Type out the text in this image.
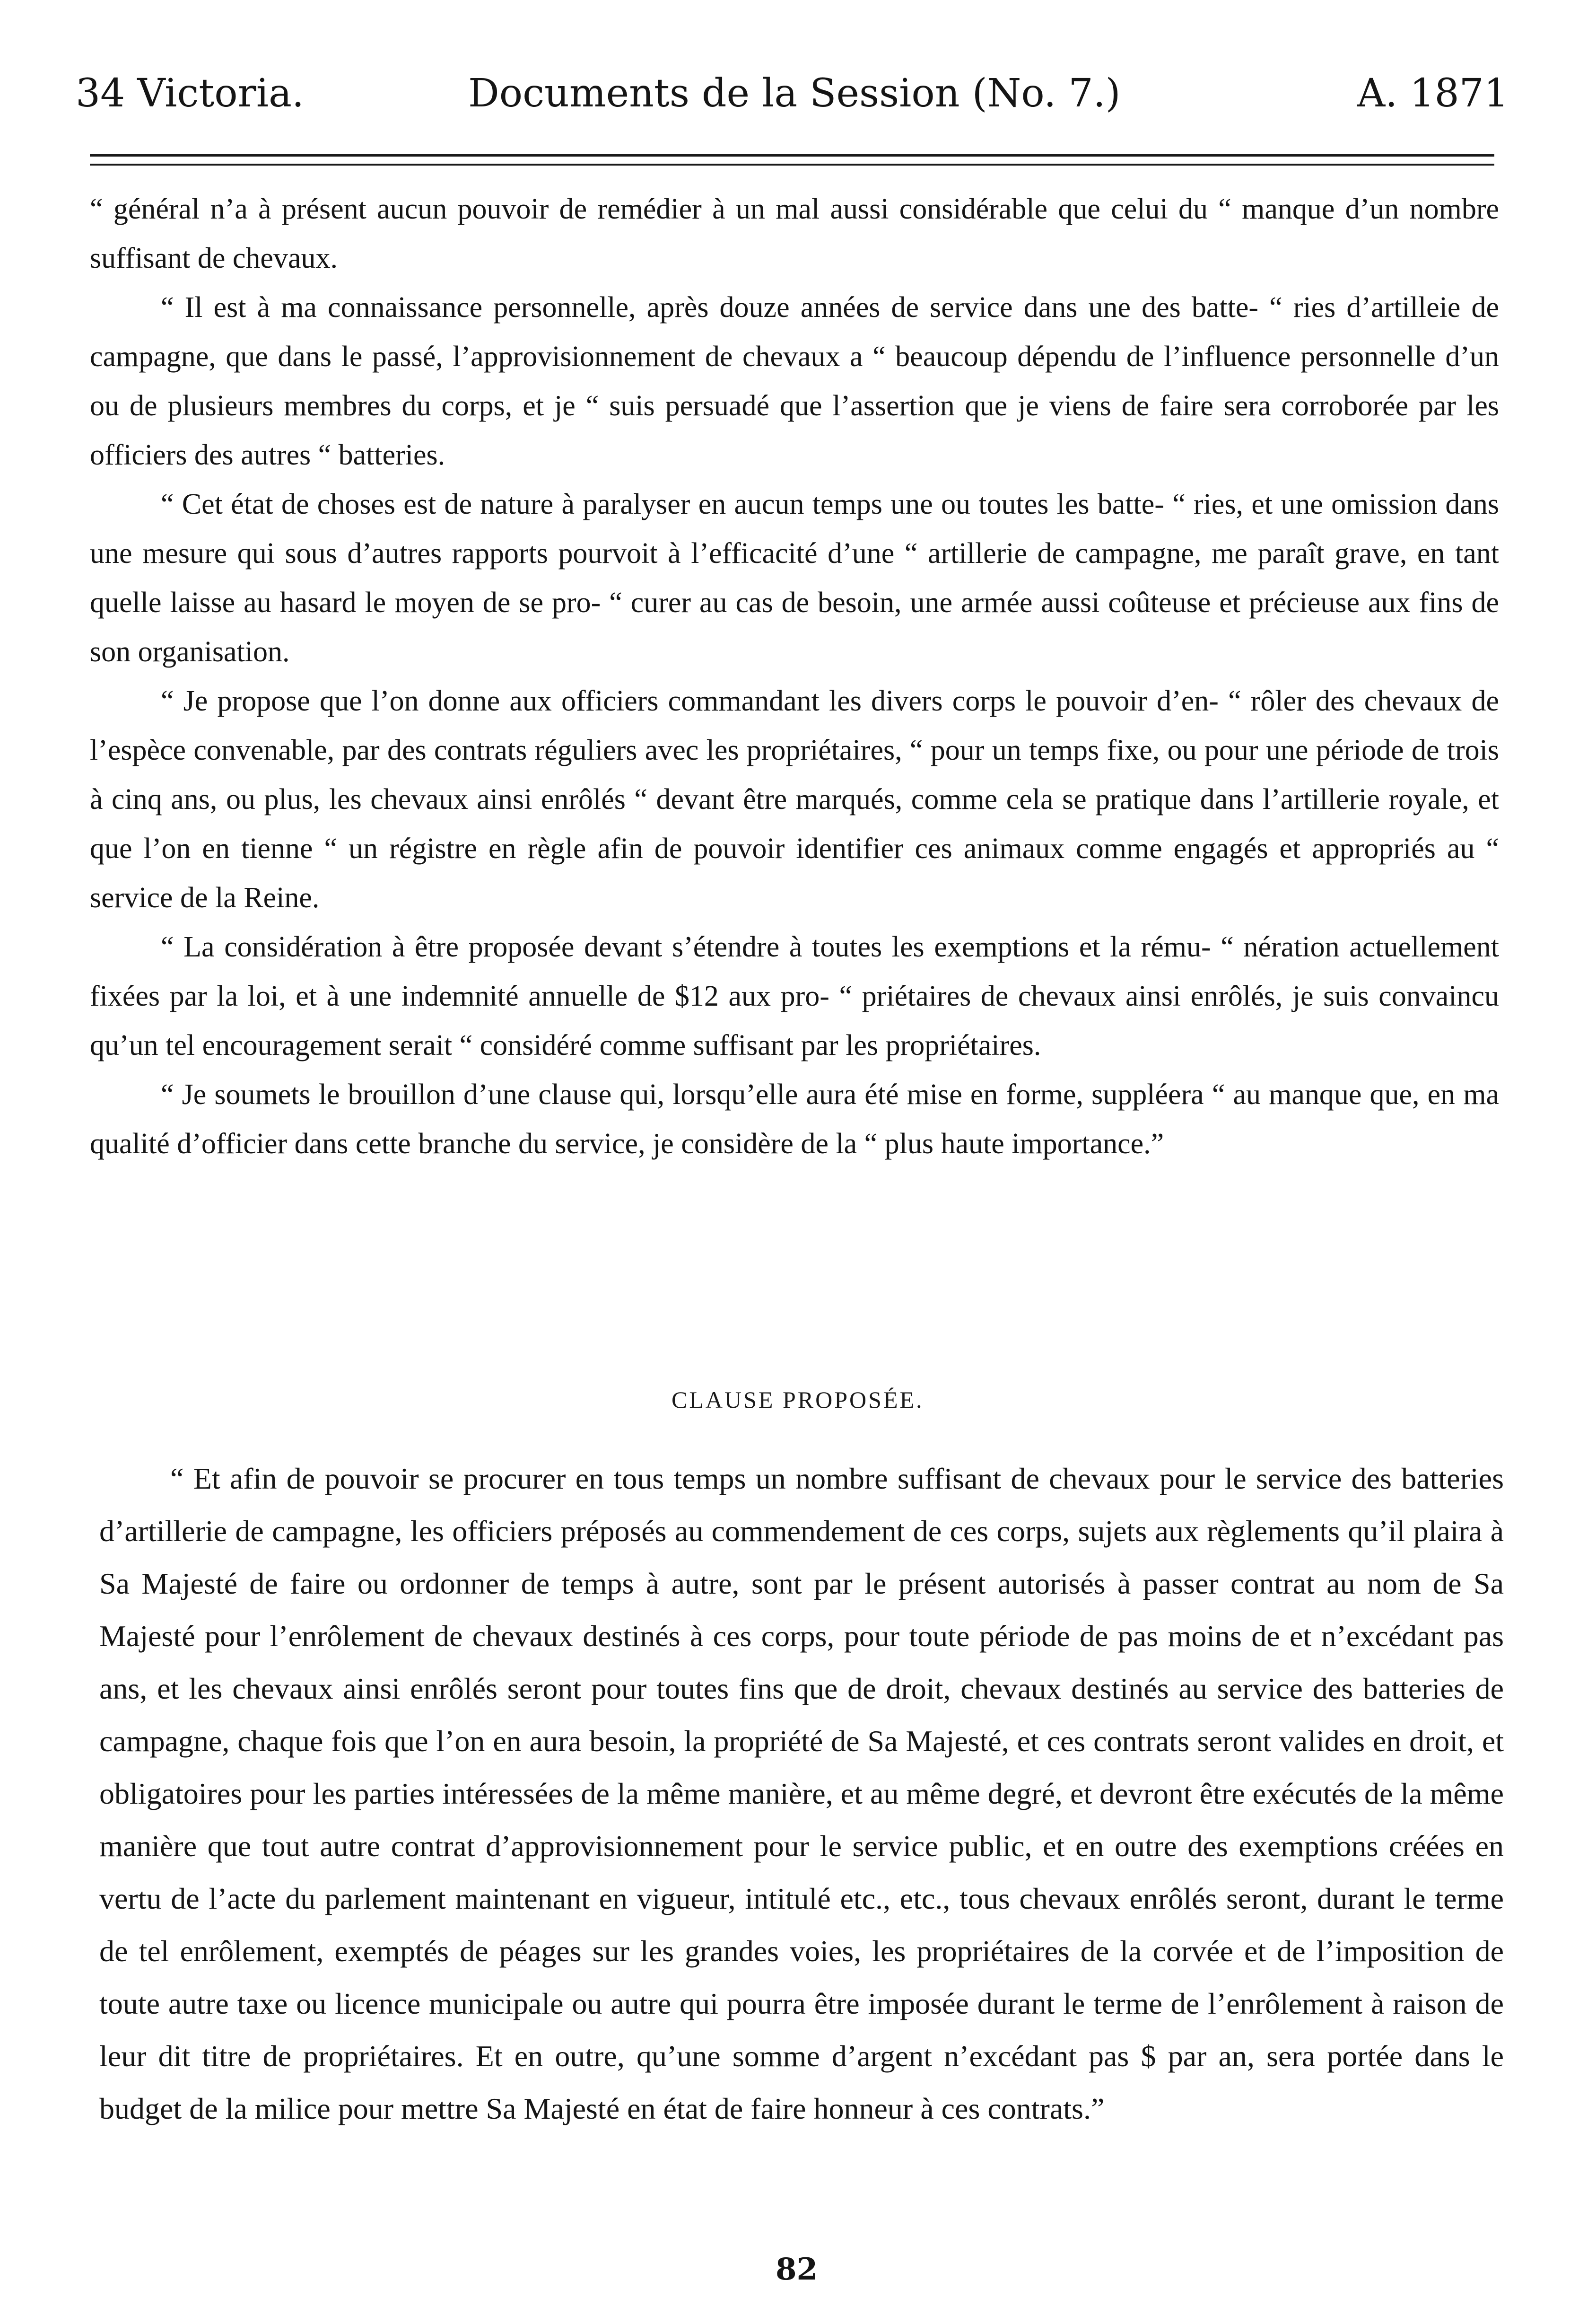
34 Victoria.	Documents de la Session (No. 7.)	A. 1871

“ général n’a à présent aucun pouvoir de remédier à un mal aussi considérable que celui du “ manque d’un nombre suffisant de chevaux.

“ Il est à ma connaissance personnelle, après douze années de service dans une des batte- “ ries d’artilleie de campagne, que dans le passé, l’approvisionnement de chevaux a “ beaucoup dépendu de l’influence personnelle d’un ou de plusieurs membres du corps, et je “ suis persuadé que l’assertion que je viens de faire sera corroborée par les officiers des autres “ batteries.

“ Cet état de choses est de nature à paralyser en aucun temps une ou toutes les batte- “ ries, et une omission dans une mesure qui sous d’autres rapports pourvoit à l’efficacité d’une “ artillerie de campagne, me paraît grave, en tant quelle laisse au hasard le moyen de se pro- “ curer au cas de besoin, une armée aussi coûteuse et précieuse aux fins de son organisation.

“ Je propose que l’on donne aux officiers commandant les divers corps le pouvoir d’en- “ rôler des chevaux de l’espèce convenable, par des contrats réguliers avec les propriétaires, “ pour un temps fixe, ou pour une période de trois à cinq ans, ou plus, les chevaux ainsi enrôlés “ devant être marqués, comme cela se pratique dans l’artillerie royale, et que l’on en tienne “ un régistre en règle afin de pouvoir identifier ces animaux comme engagés et appropriés au “ service de la Reine.

“ La considération à être proposée devant s’étendre à toutes les exemptions et la rému- “ nération actuellement fixées par la loi, et à une indemnité annuelle de $12 aux pro- “ priétaires de chevaux ainsi enrôlés, je suis convaincu qu’un tel encouragement serait “ considéré comme suffisant par les propriétaires.

“ Je soumets le brouillon d’une clause qui, lorsqu’elle aura été mise en forme, suppléera “ au manque que, en ma qualité d’officier dans cette branche du service, je considère de la “ plus haute importance.”

CLAUSE PROPOSÉE.

“ Et afin de pouvoir se procurer en tous temps un nombre suffisant de chevaux pour le service des batteries d’artillerie de campagne, les officiers préposés au commendement de ces corps, sujets aux règlements qu’il plaira à Sa Majesté de faire ou ordonner de temps à autre, sont par le présent autorisés à passer contrat au nom de Sa Majesté pour l’enrôlement de chevaux destinés à ces corps, pour toute période de pas moins de et n’excédant pas ans, et les chevaux ainsi enrôlés seront pour toutes fins que de droit, chevaux destinés au service des batteries de campagne, chaque fois que l’on en aura besoin, la propriété de Sa Majesté, et ces contrats seront valides en droit, et obligatoires pour les parties intéressées de la même manière, et au même degré, et devront être exécutés de la même manière que tout autre contrat d’approvisionnement pour le service public, et en outre des exemptions créées en vertu de l’acte du parlement maintenant en vigueur, intitulé etc., etc., tous chevaux enrôlés seront, durant le terme de tel enrôlement, exemptés de péages sur les grandes voies, les propriétaires de la corvée et de l’imposition de toute autre taxe ou licence municipale ou autre qui pourra être imposée durant le terme de l’enrôlement à raison de leur dit titre de propriétaires. Et en outre, qu’une somme d’argent n’excédant pas $ par an, sera portée dans le budget de la milice pour mettre Sa Majesté en état de faire honneur à ces contrats.”

82
